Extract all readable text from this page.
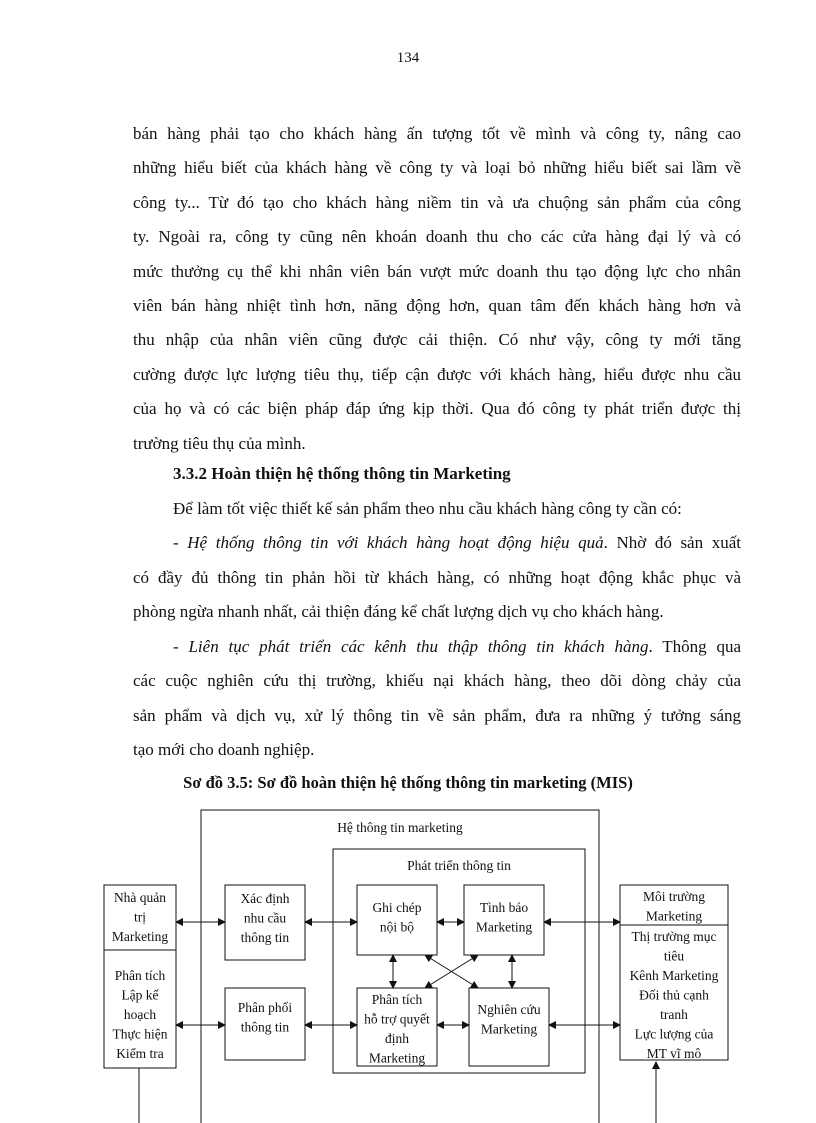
134
bán hàng phải tạo cho khách hàng ấn tượng tốt về mình và công ty, nâng cao
những hiểu biết của khách hàng về công ty và loại bỏ những hiểu biết sai lầm về
công ty... Từ đó tạo cho khách hàng niềm tin và ưa chuộng sản phẩm của công
ty. Ngoài ra, công ty cũng nên khoán doanh thu cho các cửa hàng đại lý và có
mức thưởng cụ thể khi nhân viên bán vượt mức doanh thu tạo động lực cho nhân
viên bán hàng nhiệt tình hơn, năng động hơn, quan tâm đến khách hàng hơn và
thu nhập của nhân viên cũng được cải thiện. Có như vậy, công ty mới tăng
cường được lực lượng tiêu thụ, tiếp cận được với khách hàng, hiểu được nhu cầu
của họ và có các biện pháp đáp ứng kịp thời. Qua đó công ty phát triển được thị
trường tiêu thụ của mình.
3.3.2 Hoàn thiện hệ thống thông tin Marketing
Để làm tốt việc thiết kế sản phẩm theo nhu cầu khách hàng công ty cần có:
- Hệ thống thông tin với khách hàng hoạt động hiệu quả. Nhờ đó sản xuất
có đầy đủ thông tin phản hồi từ khách hàng, có những hoạt động khắc phục và
phòng ngừa nhanh nhất, cải thiện đáng kể chất lượng dịch vụ cho khách hàng.
- Liên tục phát triển các kênh thu thập thông tin khách hàng. Thông qua
các cuộc nghiên cứu thị trường, khiếu nại khách hàng, theo dõi dòng chảy của
sản phẩm và dịch vụ, xử lý thông tin về sản phẩm, đưa ra những ý tưởng sáng
tạo mới cho doanh nghiệp.
Sơ đồ 3.5: Sơ đồ hoàn thiện hệ thống thông tin marketing (MIS)
Hệ thông tin marketing
Phát triển thông tin
Nhà quản
trị
Marketing
Phân tích
Lập kế
hoạch
Thực hiện
Kiểm tra
Xác định
nhu cầu
thông tin
Phân phối
thông tin
Ghi chép
nội bộ
Tình báo
Marketing
Phân tích
hỗ trợ quyết
định
Marketing
Nghiên cứu
Marketing
Môi trường
Marketing
Thị trường mục
tiêu
Kênh Marketing
Đối thủ cạnh
tranh
Lực lượng của
MT vĩ mô
